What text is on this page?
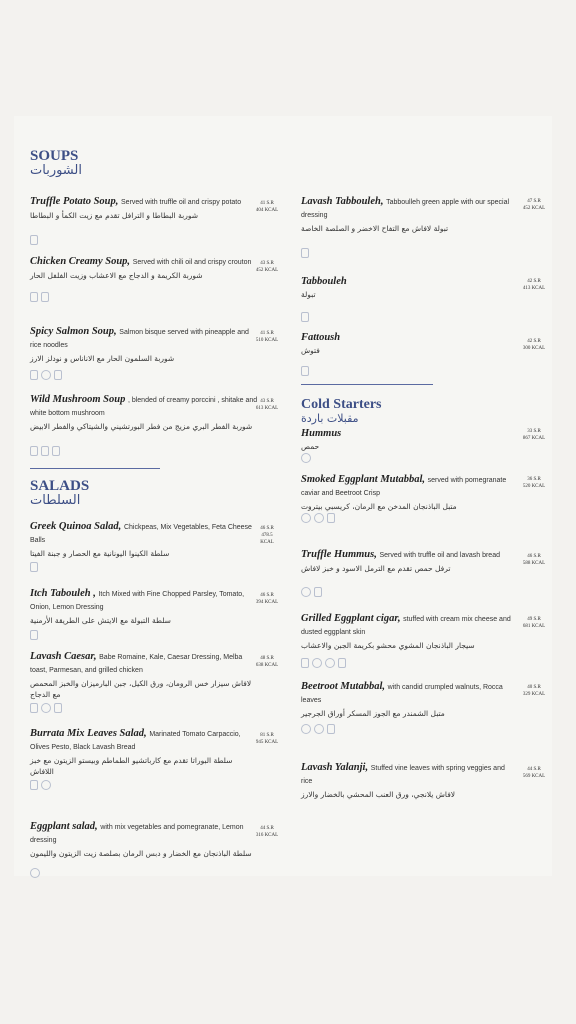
SOUPS
الشوربات
Truffle Potato Soup, Served with truffle oil and crispy potato
شوربة البطاطا و الترافل تقدم مع زيت الكمأ و البطاطا
41 S.R
404 KCAL
Chicken Creamy Soup, Served with chili oil and crispy crouton
شوربة الكريمة و الدجاج مع الاعشاب وزيت الفلفل الحار
43 S.R
452 KCAL
Spicy Salmon Soup, Salmon bisque served with pineapple and rice noodles
شوربة السلمون الحار مع الاناناس و نودلز الارز
41 S.R
510 KCAL
Wild Mushroom Soup , blended of creamy porccini , shitake and white bottom mushroom
شوربة الفطر البري مزيج من فطر البورتشيني والشيتاكي والفطر الابيض
43 S.R
613 KCAL
SALADS
السلطات
Greek Quinoa Salad, Chickpeas, Mix Vegetables, Feta Cheese Balls
سلطة الكينوا اليونانية مع الحصار و جبنة الفيتا
46 S.R
478.5 KCAL
Itch Tabouleh , Itch Mixed with Fine Chopped Parsley, Tomato, Onion, Lemon Dressing
سلطة التبولة مع الايتش على الطريقة الأرمنية
46 S.R
394 KCAL
Lavash Caesar, Babe Romaine, Kale, Caesar Dressing, Melba toast, Parmesan, and grilled chicken
لافاش سيزار خس الرومان، ورق الكيل، جبن البارميزان والخبز المحمص مع الدجاج
48 S.R
638 KCAL
Burrata Mix Leaves Salad, Marinated Tomato Carpaccio, Olives Pesto, Black Lavash Bread
سلطة البوراتا تقدم مع كارباتشيو الطماطم وبيستو الزيتون مع خبز اللافاش
81 S.R
945 KCAL
Eggplant salad, with mix vegetables and pomegranate, Lemon dressing
سلطة الباذنجان مع الخضار و دبس الرمان بصلصة زيت الزيتون والليمون
44 S.R
316 KCAL
Lavash Tabbouleh, Tabboulleh green apple with our special dressing
تبولة لافاش مع التفاح الاخضر و الصلصة الخاصة
47 S.R
452 KCAL
Tabbouleh
تبولة
42 S.R
413 KCAL
Fattoush
فتوش
42 S.R
300 KCAL
Cold Starters
مقبلات باردة
Hummus
حمص
33 S.R
867 KCAL
Smoked Eggplant Mutabbal, served with pomegranate caviar and Beetroot Crisp
متبل الباذنجان المدخن مع الرمان، كريسبي بيتروت
36 S.R
520 KCAL
Truffle Hummus, Served with truffle oil and lavash bread
ترفل حمص تقدم مع الترمل الاسود و خبز لافاش
46 S.R
588 KCAL
Grilled Eggplant cigar, stuffed with cream mix cheese and dusted eggplant skin
سيجار الباذنجان المشوي محشو بكريمة الجبن والاعشاب
49 S.R
681 KCAL
Beetroot Mutabbal, with candid crumpled walnuts, Rocca leaves
متبل الشمندر مع الجوز المسكر أوراق الجرجير
40 S.R
329 KCAL
Lavash Yalanji, Stuffed vine leaves with spring veggies and rice
لافاش يلانجي، ورق العنب المحشي بالخضار والارز
44 S.R
569 KCAL
